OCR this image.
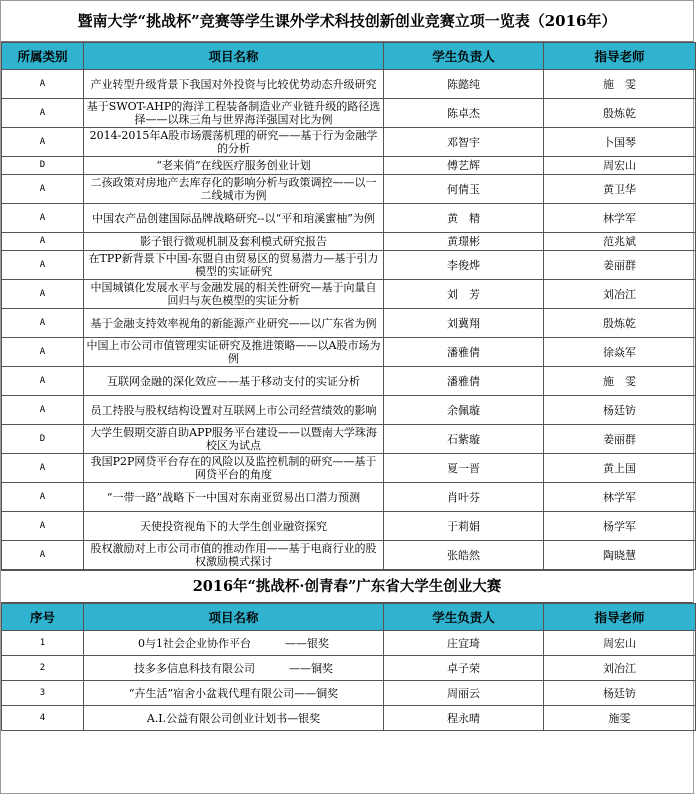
暨南大学“挑战杯”竞赛等学生课外学术科技创新创业竞赛立项一览表（2016年）
所属类别	项目名称	学生负责人	指导老师
A	产业转型升级背景下我国对外投资与比较优势动态升级研究	陈懿纯	施　雯
A	基于SWOT-AHP的海洋工程装备制造业产业链升级的路径选择——以珠三角与世界海洋强国对比为例	陈卓杰	殷炼乾
A	2014-2015年A股市场震荡机理的研究——基于行为金融学的分析	邓智宇	卜国琴
D	“老来俏”在线医疗服务创业计划	傅艺辉	周宏山
A	二孩政策对房地产去库存化的影响分析与政策调控——以一二线城市为例	何倩玉	黄卫华
A	中国农产品创建国际品牌战略研究--以“平和琯溪蜜柚”为例	黄　精	林学军
A	影子银行微观机制及套利模式研究报告	黄璟彬	范兆斌
A	在TPP新背景下中国-东盟自由贸易区的贸易潜力—基于引力模型的实证研究	李俊烨	姜丽群
A	中国城镇化发展水平与金融发展的相关性研究—基于向量自回归与灰色模型的实证分析	刘　芳	刘冶江
A	基于金融支持效率视角的新能源产业研究——以广东省为例	刘冀翔	殷炼乾
A	中国上市公司市值管理实证研究及推进策略——以A股市场为例	潘雅倩	徐焱军
A	互联网金融的深化效应——基于移动支付的实证分析	潘雅倩	施　雯
A	员工持股与股权结构设置对互联网上市公司经营绩效的影响	余佩璇	杨廷钫
D	大学生假期交游自助APP服务平台建设——以暨南大学珠海校区为试点	石紫璇	姜丽群
A	我国P2P网贷平台存在的风险以及监控机制的研究——基于网贷平台的角度	夏一晋	黄上国
A	“一带一路”战略下一中国对东南亚贸易出口潜力预测	肖叶芬	林学军
A	天使投资视角下的大学生创业融资探究	于莉娟	杨学军
A	股权激励对上市公司市值的推动作用——基于电商行业的股权激励模式探讨	张皓然	陶晓慧
2016年“挑战杯·创青春”广东省大学生创业大赛
序号	项目名称	学生负责人	指导老师
1	0与1社会企业协作平台 ——银奖	庄宜琦	周宏山
2	技多多信息科技有限公司 ——铜奖	卓子荣	刘冶江
3	“卉生活”宿舍小盆栽代理有限公司——铜奖	周丽云	杨廷钫
4	A.I.公益有限公司创业计划书—银奖	程永晴	施雯
